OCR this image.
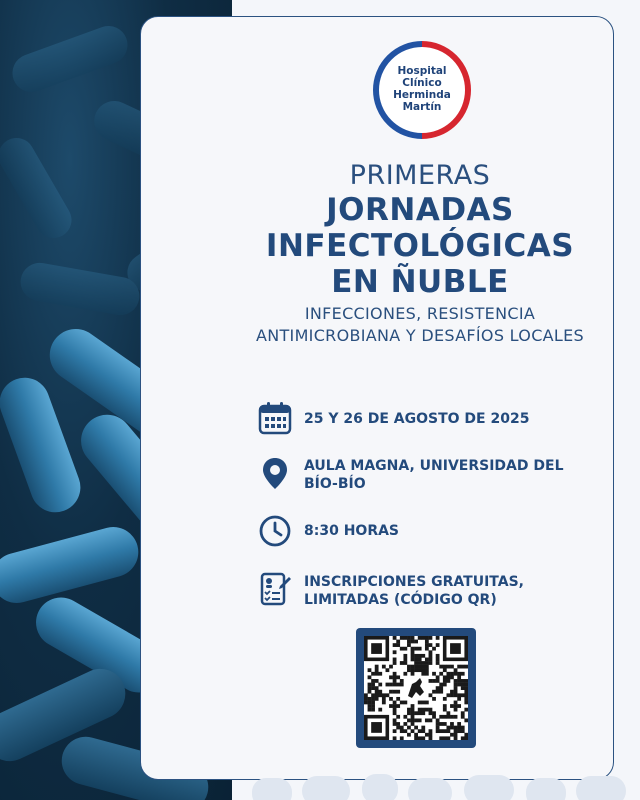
Hospital
Clínico
Herminda
Martín
PRIMERAS
JORNADAS
INFECTOLÓGICAS
EN ÑUBLE
INFECCIONES, RESISTENCIA
ANTIMICROBIANA Y DESAFÍOS LOCALES
25 Y 26 DE AGOSTO DE 2025
AULA MAGNA, UNIVERSIDAD DEL
BÍO-BÍO
8:30 HORAS
INSCRIPCIONES GRATUITAS,
LIMITADAS (CÓDIGO QR)
